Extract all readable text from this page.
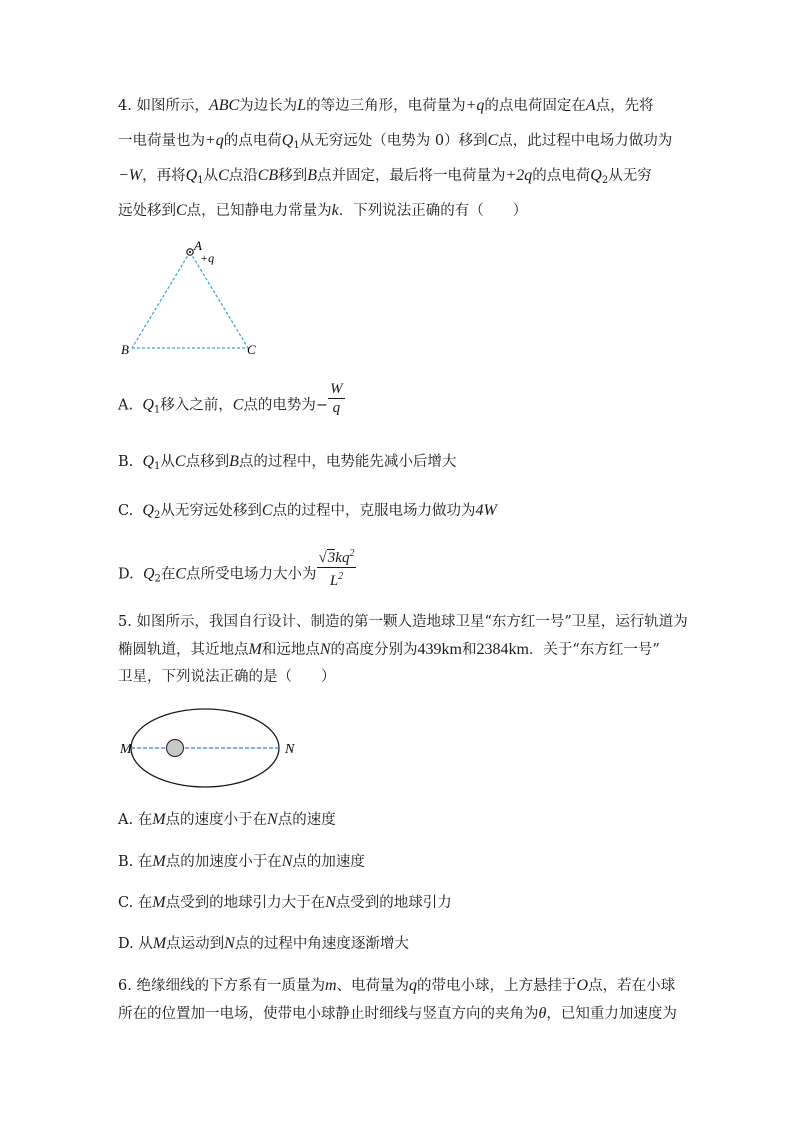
4. 如图所示，ABC为边长为L的等边三角形，电荷量为+q的点电荷固定在A点，先将
一电荷量也为+q的点电荷$Q_1$从无穷远处（电势为 0）移到C点，此过程中电场力做功为
−W，再将$Q_1$从C点沿CB移到B点并固定，最后将一电荷量为+2q的点电荷$Q_2$从无穷
远处移到C点，已知静电力常量为k．下列说法正确的有（　　）
A
+q
B	C
A. $Q_1$移入之前，C点的电势为− $\frac{W}{q}$
B. $Q_1$从C点移到B点的过程中，电势能先减小后增大
C. $Q_2$从无穷远处移到C点的过程中，克服电场力做功为4W
D. $Q_2$在C点所受电场力大小为 $\frac{√3kq^2}{L^2}$
5. 如图所示，我国自行设计、制造的第一颗人造地球卫星“东方红一号”卫星，运行轨道为
椭圆轨道，其近地点M和远地点N的高度分别为439km和2384km．关于“东方红一号”
卫星，下列说法正确的是（　　）
M	N
A. 在M点的速度小于在N点的速度
B. 在M点的加速度小于在N点的加速度
C. 在M点受到的地球引力大于在N点受到的地球引力
D. 从M点运动到N点的过程中角速度逐渐增大
6. 绝缘细线的下方系有一质量为m、电荷量为q的带电小球，上方悬挂于O点，若在小球
所在的位置加一电场，使带电小球静止时细线与竖直方向的夹角为θ，已知重力加速度为
